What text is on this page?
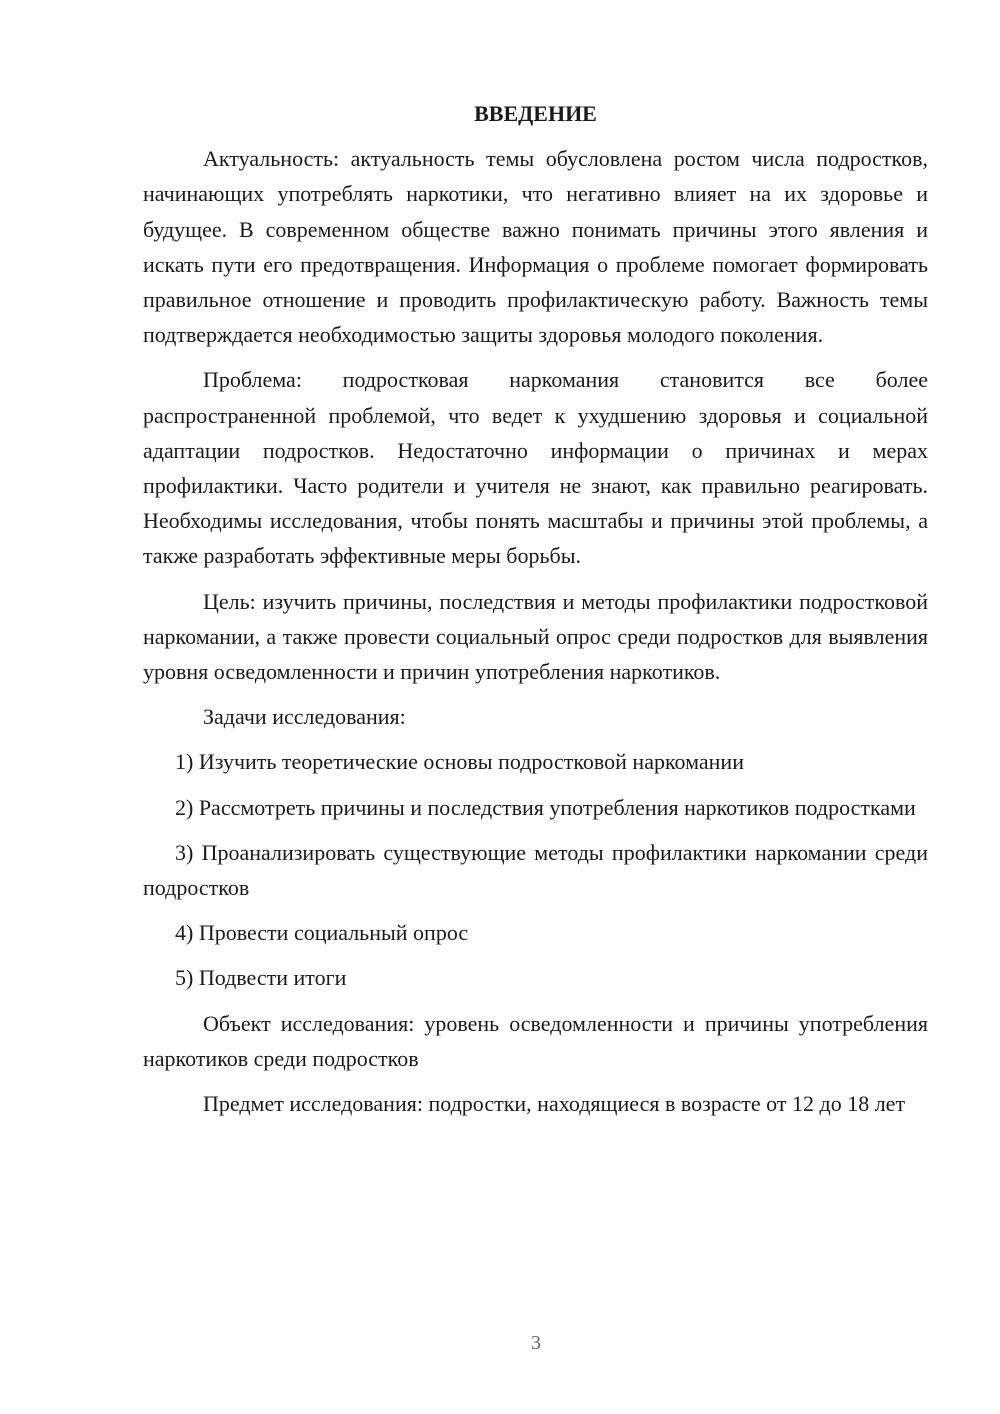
ВВЕДЕНИЕ

Актуальность: актуальность темы обусловлена ростом числа подростков, начинающих употреблять наркотики, что негативно влияет на их здоровье и будущее. В современном обществе важно понимать причины этого явления и искать пути его предотвращения. Информация о проблеме помогает формировать правильное отношение и проводить профилактическую работу. Важность темы подтверждается необходимостью защиты здоровья молодого поколения.

Проблема: подростковая наркомания становится все более распространенной проблемой, что ведет к ухудшению здоровья и социальной адаптации подростков. Недостаточно информации о причинах и мерах профилактики. Часто родители и учителя не знают, как правильно реагировать. Необходимы исследования, чтобы понять масштабы и причины этой проблемы, а также разработать эффективные меры борьбы.

Цель: изучить причины, последствия и методы профилактики подростковой наркомании, а также провести социальный опрос среди подростков для выявления уровня осведомленности и причин употребления наркотиков.

Задачи исследования:

1) Изучить теоретические основы подростковой наркомании

2) Рассмотреть причины и последствия употребления наркотиков подростками

3) Проанализировать существующие методы профилактики наркомании среди подростков

4) Провести социальный опрос

5) Подвести итоги

Объект исследования: уровень осведомленности и причины употребления наркотиков среди подростков

Предмет исследования: подростки, находящиеся в возрасте от 12 до 18 лет

3
